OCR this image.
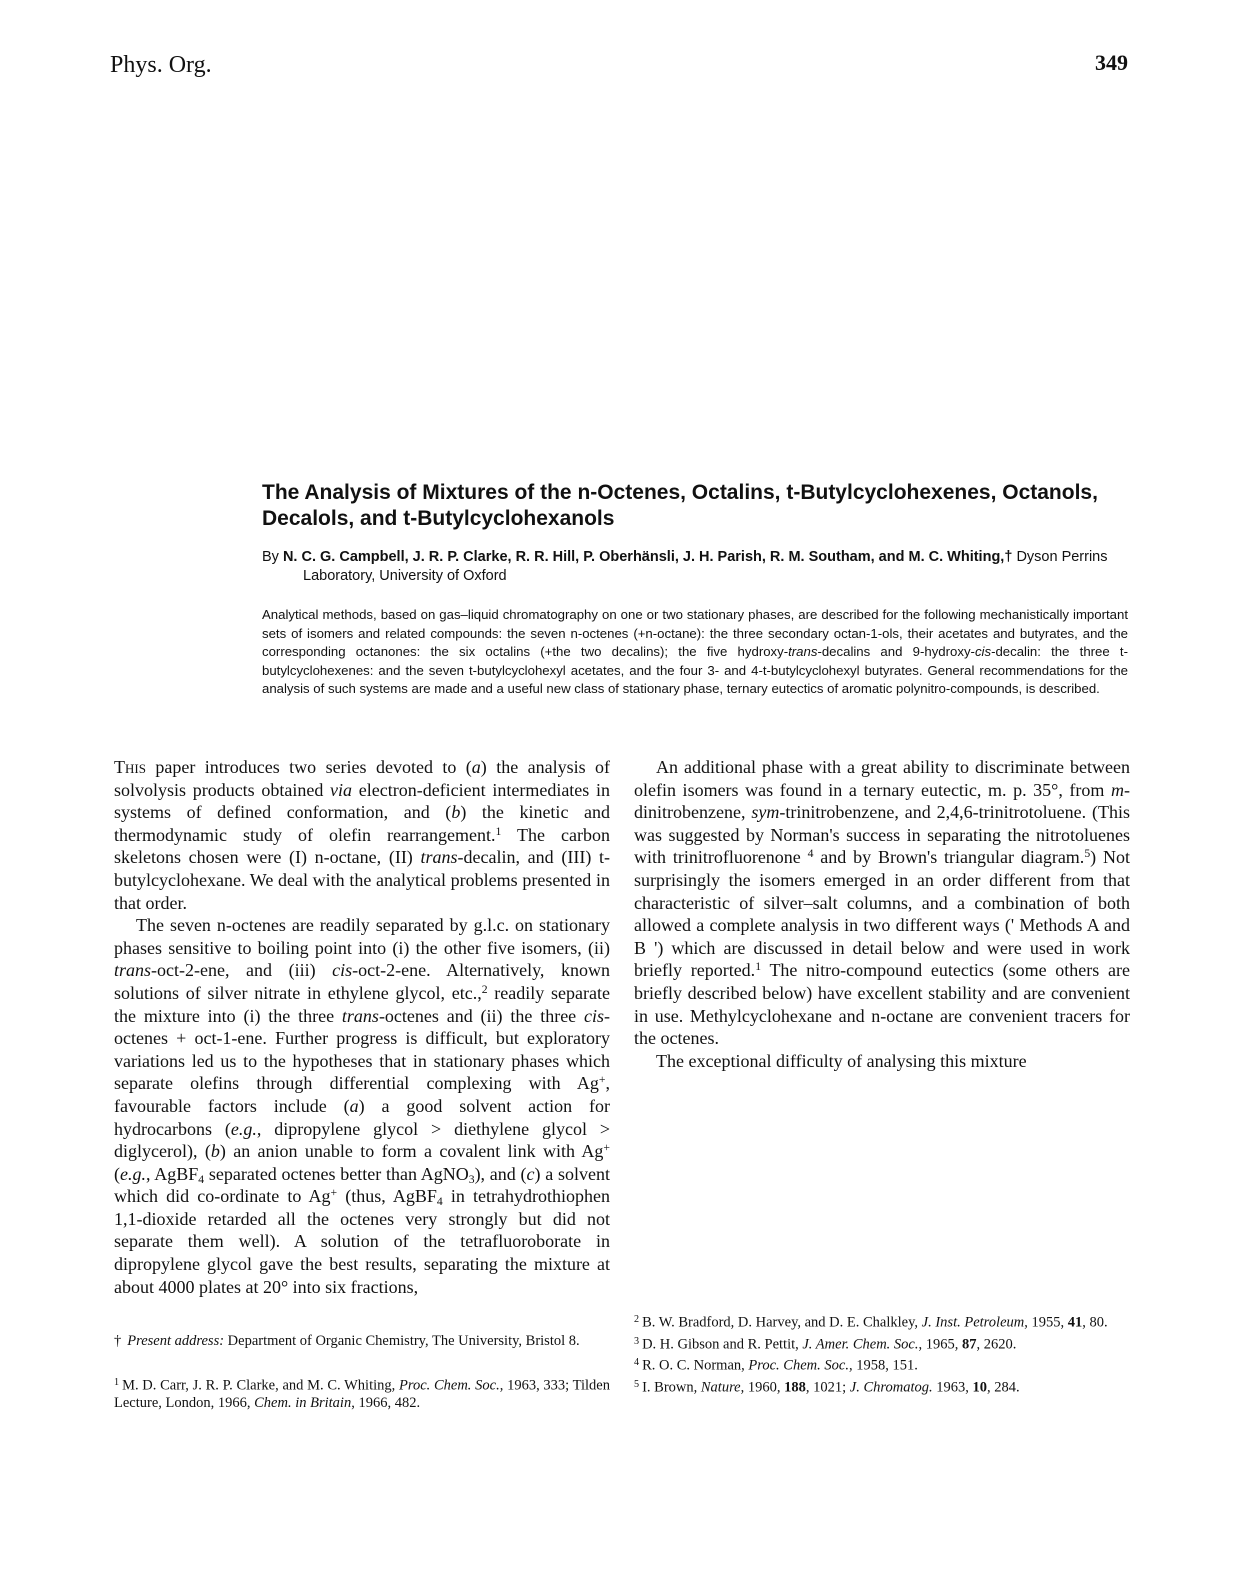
Phys. Org.	349
The Analysis of Mixtures of the n-Octenes, Octalins, t-Butylcyclohexenes, Octanols, Decalols, and t-Butylcyclohexanols
By N. C. G. Campbell, J. R. P. Clarke, R. R. Hill, P. Oberhänsli, J. H. Parish, R. M. Southam, and M. C. Whiting,† Dyson Perrins Laboratory, University of Oxford
Analytical methods, based on gas–liquid chromatography on one or two stationary phases, are described for the following mechanistically important sets of isomers and related compounds: the seven n-octenes (+n-octane): the three secondary octan-1-ols, their acetates and butyrates, and the corresponding octanones: the six octalins (+the two decalins); the five hydroxy-trans-decalins and 9-hydroxy-cis-decalin: the three t-butylcyclohexenes: and the seven t-butylcyclohexyl acetates, and the four 3- and 4-t-butylcyclohexyl butyrates. General recommendations for the analysis of such systems are made and a useful new class of stationary phase, ternary eutectics of aromatic polynitro-compounds, is described.

This paper introduces two series devoted to (a) the analysis of solvolysis products obtained via electron-deficient intermediates in systems of defined conformation, and (b) the kinetic and thermodynamic study of olefin rearrangement.$^1$ The carbon skeletons chosen were (I) n-octane, (II) trans-decalin, and (III) t-butylcyclohexane. We deal with the analytical problems presented in that order.

The seven n-octenes are readily separated by g.l.c. on stationary phases sensitive to boiling point into (i) the other five isomers, (ii) trans-oct-2-ene, and (iii) cis-oct-2-ene. Alternatively, known solutions of silver nitrate in ethylene glycol, etc.,$^2$ readily separate the mixture into (i) the three trans-octenes and (ii) the three cis-octenes + oct-1-ene. Further progress is difficult, but exploratory variations led us to the hypotheses that in stationary phases which separate olefins through differential complexing with Ag+, favourable factors include (a) a good solvent action for hydrocarbons (e.g., dipropylene glycol > diethylene glycol > diglycerol), (b) an anion unable to form a covalent link with Ag+ (e.g., AgBF$_4$ separated octenes better than AgNO$_3$), and (c) a solvent which did co-ordinate to Ag+ (thus, AgBF$_4$ in tetrahydrothiophen 1,1-dioxide retarded all the octenes very strongly but did not separate them well). A solution of the tetrafluoroborate in dipropylene glycol gave the best results, separating the mixture at about 4000 plates at 20° into six fractions,

An additional phase with a great ability to discriminate between olefin isomers was found in a ternary eutectic, m. p. 35°, from m-dinitrobenzene, sym-trinitrobenzene, and 2,4,6-trinitrotoluene. (This was suggested by Norman's success in separating the nitrotoluenes with trinitrofluorenone $^4$ and by Brown's triangular diagram.$^5$) Not surprisingly the isomers emerged in an order different from that characteristic of silver–salt columns, and a combination of both allowed a complete analysis in two different ways (' Methods A and B ') which are discussed in detail below and were used in work briefly reported.$^1$ The nitro-compound eutectics (some others are briefly described below) have excellent stability and are convenient in use. Methylcyclohexane and n-octane are convenient tracers for the octenes.

The exceptional difficulty of analysing this mixture

† Present address: Department of Organic Chemistry, The University, Bristol 8.

$^1$ M. D. Carr, J. R. P. Clarke, and M. C. Whiting, Proc. Chem. Soc., 1963, 333; Tilden Lecture, London, 1966, Chem. in Britain, 1966, 482.

$^2$ B. W. Bradford, D. Harvey, and D. E. Chalkley, J. Inst. Petroleum, 1955, 41, 80.

$^3$ D. H. Gibson and R. Pettit, J. Amer. Chem. Soc., 1965, 87, 2620.

$^4$ R. O. C. Norman, Proc. Chem. Soc., 1958, 151.

$^5$ I. Brown, Nature, 1960, 188, 1021; J. Chromatog. 1963, 10, 284.
